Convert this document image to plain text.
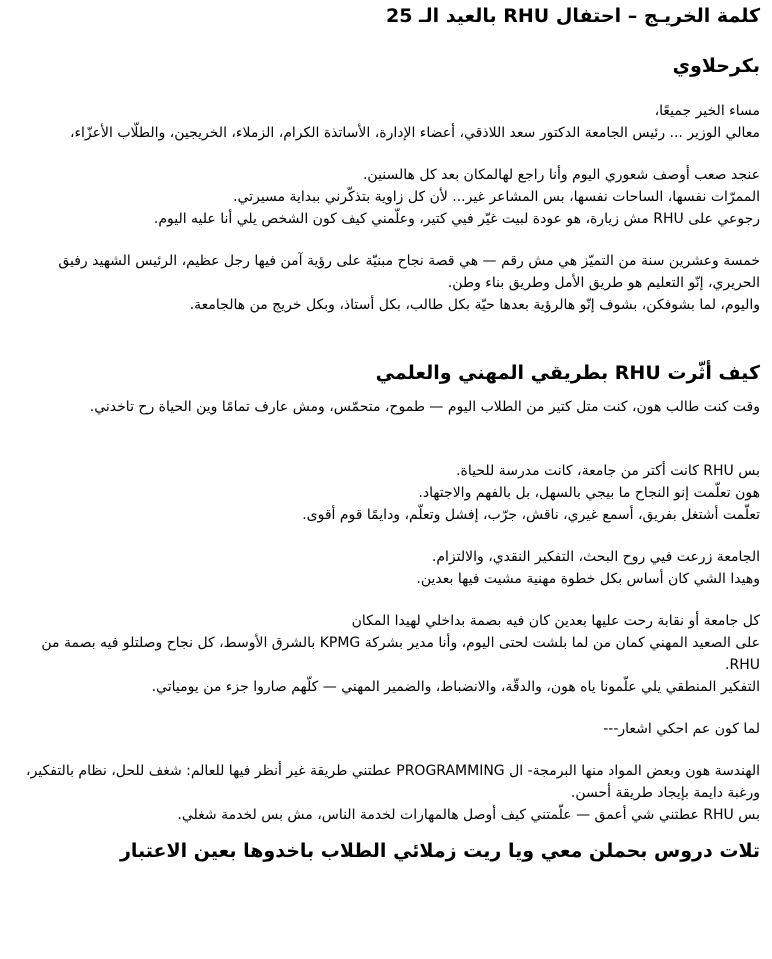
كلمة الخريـج – احتفال RHU بالعيد الـ 25
بكرحلاوي

مساء الخير جميعًا،

معالي الوزير ... رئيس الجامعة الدكتور سعد اللاذقي، أعضاء الإدارة، الأساتذة الكرام، الزملاء، الخريجين، والطلّاب الأعزّاء،

عنجد صعب أوصف شعوري اليوم وأنا راجع لهالمكان بعد كل هالسنين.

الممرّات نفسها، الساحات نفسها، بس المشاعر غير... لأن كل زاوية بتذكّرني ببداية مسيرتي.

رجوعي على RHU مش زيارة، هو عودة لبيت غيّر فيي كتير، وعلّمني كيف كون الشخص يلي أنا عليه اليوم.

خمسة وعشرين سنة من التميّز هي مش رقم — هي قصة نجاح مبنيّة على رؤية آمن فيها رجل عظيم، الرئيس الشهيد رفيق الحريري، إنّو التعليم هو طريق الأمل وطريق بناء وطن.

واليوم، لما بشوفكن، بشوف إنّو هالرؤية بعدها حيّة بكل طالب، بكل أستاذ، وبكل خريج من هالجامعة.

كيف أثّرت RHU بطريقي المهني والعلمي

وقت كنت طالب هون، كنت متل كتير من الطلاب اليوم — طموح، متحمّس، ومش عارف تمامًا وين الحياة رح تاخدني.

بس RHU كانت أكتر من جامعة، كانت مدرسة للحياة.

هون تعلّمت إنو النجاح ما بيجي بالسهل، بل بالفهم والاجتهاد.

تعلّمت أشتغل بفريق، أسمع غيري، ناقش، جرّب، إفشل وتعلّم، ودايمًا قوم أقوى.

الجامعة زرعت فيي روح البحث، التفكير النقدي، والالتزام.

وهيدا الشي كان أساس بكل خطوة مهنية مشيت فيها بعدين.

كل جامعة أو نقابة رحت عليها بعدين كان فيه بصمة بداخلي لهيدا المكان

على الصعيد المهني كمان من لما بلشت لحتى اليوم، وأنا مدير بشركة KPMG بالشرق الأوسط، كل نجاح وصلتلو فيه بصمة من RHU.

التفكير المنطقي يلي علّمونا ياه هون، والدقّة، والانضباط، والضمير المهني — كلّهم صاروا جزء من يومياتي.

لما كون عم احكي اشعار---

الهندسة هون وبعض المواد منها البرمجة- ال PROGRAMMING عطتني طريقة غير أنظر فيها للعالم: شغف للحل، نظام بالتفكير، ورغبة دايمة بإيجاد طريقة أحسن.

بس RHU عطتني شي أعمق — علّمتني كيف أوصل هالمهارات لخدمة الناس، مش بس لخدمة شغلي.

تلات دروس بحملن معي ويا ريت زملائي الطلاب باخدوها بعين الاعتبار
